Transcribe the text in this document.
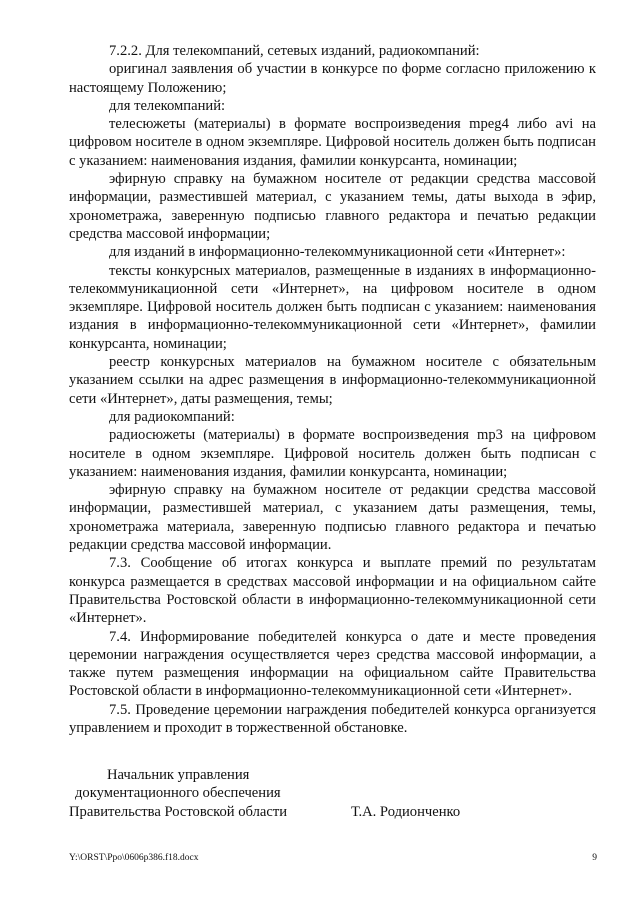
7.2.2. Для телекомпаний, сетевых изданий, радиокомпаний:

оригинал заявления об участии в конкурсе по форме согласно приложению к настоящему Положению;

для телекомпаний:

телесюжеты (материалы) в формате воспроизведения mpeg4 либо avi на цифровом носителе в одном экземпляре. Цифровой носитель должен быть подписан с указанием: наименования издания, фамилии конкурсанта, номинации;

эфирную справку на бумажном носителе от редакции средства массовой информации, разместившей материал, с указанием темы, даты выхода в эфир, хронометража, заверенную подписью главного редактора и печатью редакции средства массовой информации;

для изданий в информационно-телекоммуникационной сети «Интернет»:

тексты конкурсных материалов, размещенные в изданиях в информационно-телекоммуникационной сети «Интернет», на цифровом носителе в одном экземпляре. Цифровой носитель должен быть подписан с указанием: наименования издания в информационно-телекоммуникационной сети «Интернет», фамилии конкурсанта, номинации;

реестр конкурсных материалов на бумажном носителе с обязательным указанием ссылки на адрес размещения в информационно-телекоммуникационной сети «Интернет», даты размещения, темы;

для радиокомпаний:

радиосюжеты (материалы) в формате воспроизведения mp3 на цифровом носителе в одном экземпляре. Цифровой носитель должен быть подписан с указанием: наименования издания, фамилии конкурсанта, номинации;

эфирную справку на бумажном носителе от редакции средства массовой информации, разместившей материал, с указанием даты размещения, темы, хронометража материала, заверенную подписью главного редактора и печатью редакции средства массовой информации.

7.3. Сообщение об итогах конкурса и выплате премий по результатам конкурса размещается в средствах массовой информации и на официальном сайте Правительства Ростовской области в информационно-телекоммуникационной сети «Интернет».

7.4. Информирование победителей конкурса о дате и месте проведения церемонии награждения осуществляется через средства массовой информации, а также путем размещения информации на официальном сайте Правительства Ростовской области в информационно-телекоммуникационной сети «Интернет».

7.5. Проведение церемонии награждения победителей конкурса организуется управлением и проходит в торжественной обстановке.

Начальник управления
документационного обеспечения
Правительства Ростовской области	Т.А. Родионченко
Y:\ORST\Ppo\0606p386.f18.docx	9
